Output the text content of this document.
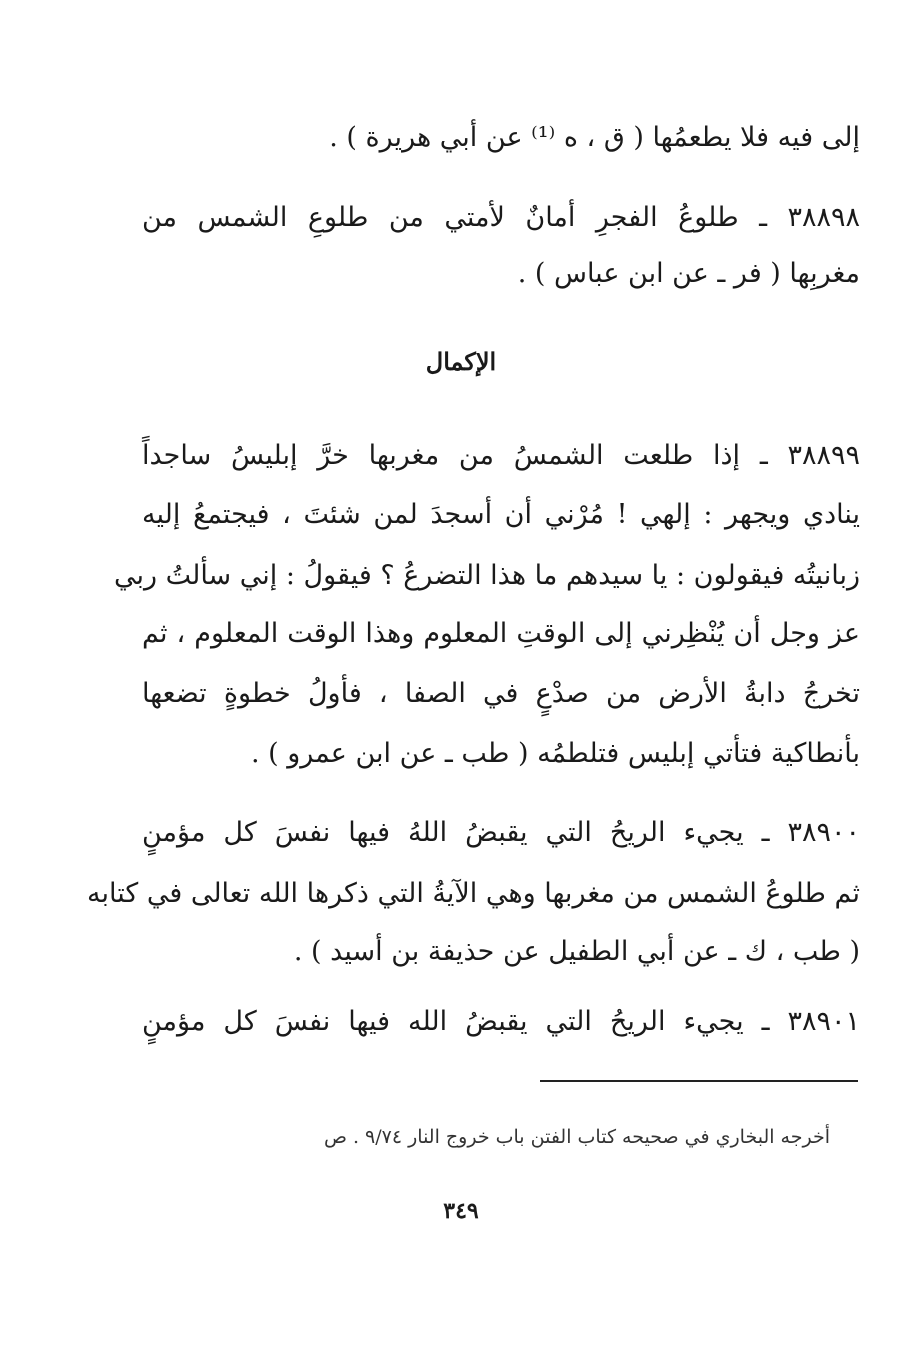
إلى فيه فلا يطعمُها ( ق ، ه ⁽¹⁾ عن أبي هريرة ) .
٣٨٨٩٨ ـ طلوعُ الفجرِ أمانٌ لأمتي من طلوعِ الشمس من
مغربِها ( فر ـ عن ابن عباس ) .
الإكمال
٣٨٨٩٩ ـ إذا طلعت الشمسُ من مغربها خرَّ إبليسُ ساجداً
ينادي ويجهر : إلهي ! مُرْني أن أسجدَ لمن شئتَ ، فيجتمعُ إليه
زبانيتُه فيقولون : يا سيدهم ما هذا التضرعُ ؟ فيقولُ : إني سألتُ ربي
عز وجل أن يُنْظِرني إلى الوقتِ المعلوم وهذا الوقت المعلوم ، ثم
تخرجُ دابةُ الأرض من صدْعٍ في الصفا ، فأولُ خطوةٍ تضعها
بأنطاكية فتأتي إبليس فتلطمُه ( طب ـ عن ابن عمرو ) .
٣٨٩٠٠ ـ يجيء الريحُ التي يقبضُ اللهُ فيها نفسَ كل مؤمنٍ
ثم طلوعُ الشمس من مغربها وهي الآيةُ التي ذكرها الله تعالى في كتابه
( طب ، ك ـ عن أبي الطفيل عن حذيفة بن أسيد ) .
٣٨٩٠١ ـ يجيء الريحُ التي يقبضُ الله فيها نفسَ كل مؤمنٍ
أخرجه البخاري في صحيحه كتاب الفتن باب خروج النار ٩/٧٤ . ص
٣٤٩
